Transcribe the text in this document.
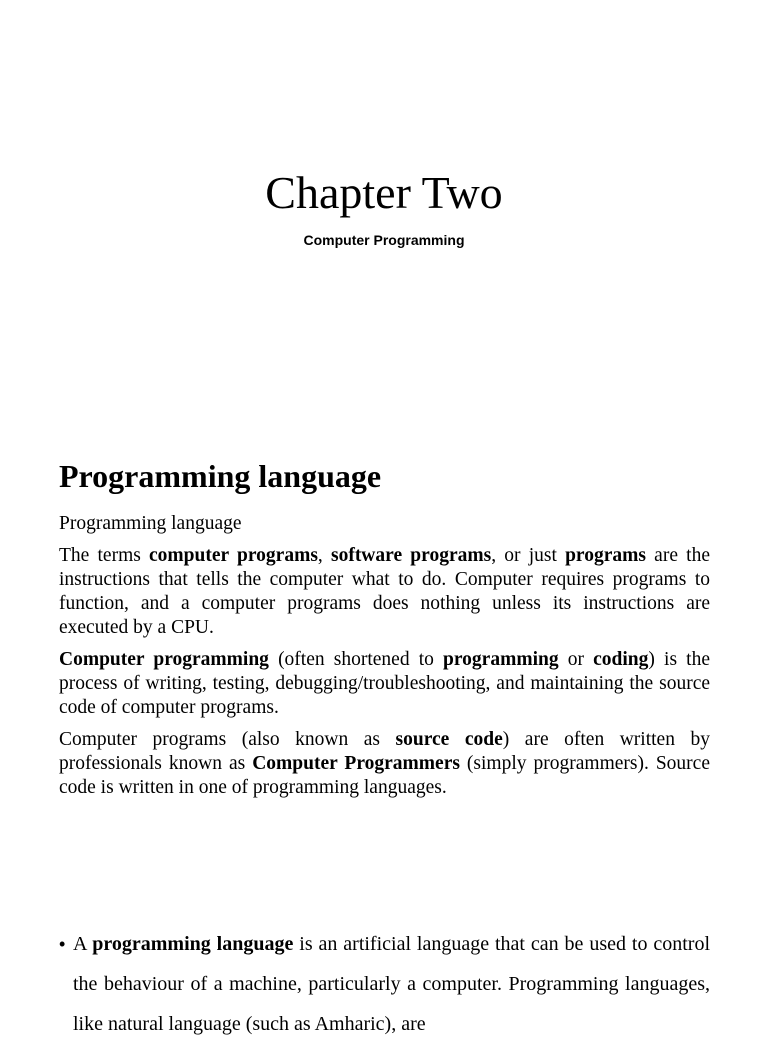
Chapter Two
Computer Programming
Programming language

Programming language

The terms computer programs, software programs, or just programs are the instructions that tells the computer what to do. Computer requires programs to function, and a computer programs does nothing unless its instructions are executed by a CPU.

Computer programming (often shortened to programming or coding) is the process of writing, testing, debugging/troubleshooting, and maintaining the source code of computer programs.

Computer programs (also known as source code) are often written by professionals known as Computer Programmers (simply programmers). Source code is written in one of programming languages.

• A programming language is an artificial language that can be used to control the behaviour of a machine, particularly a computer. Programming languages, like natural language (such as Amharic), are
